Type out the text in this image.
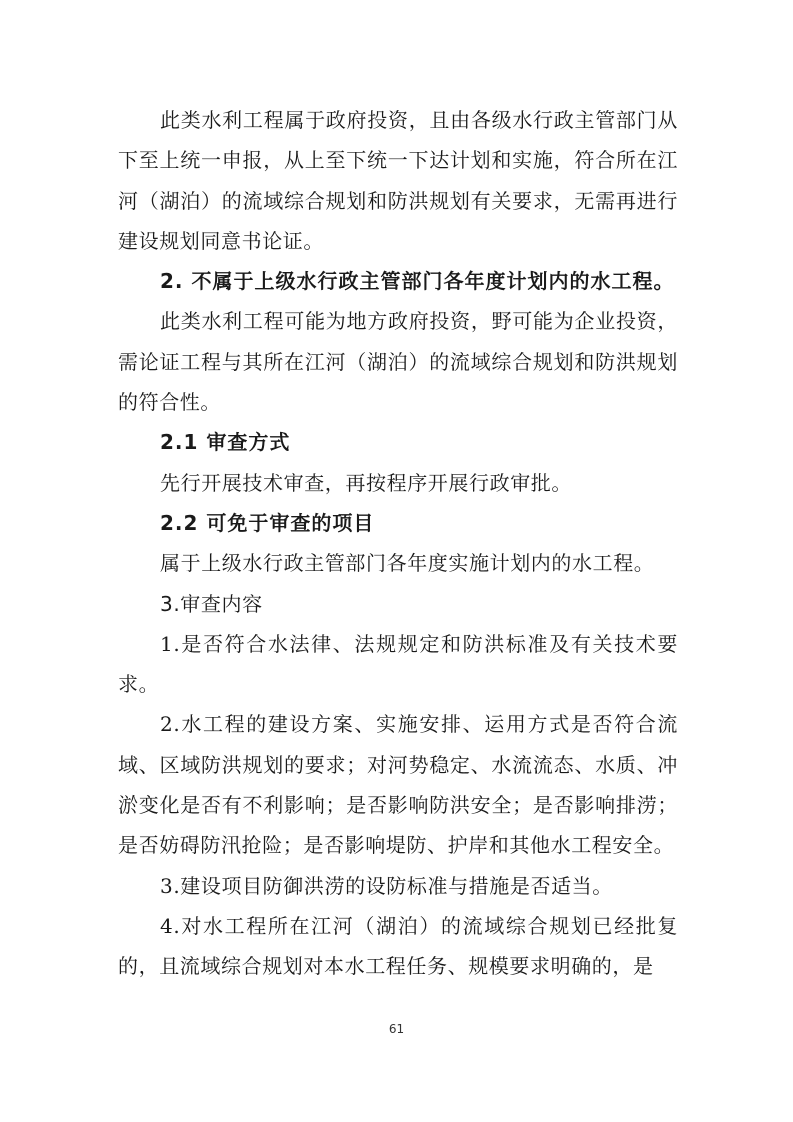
此类水利工程属于政府投资，且由各级水行政主管部门从下至上统一申报，从上至下统一下达计划和实施，符合所在江河（湖泊）的流域综合规划和防洪规划有关要求，无需再进行建设规划同意书论证。

2. 不属于上级水行政主管部门各年度计划内的水工程。

此类水利工程可能为地方政府投资，野可能为企业投资，需论证工程与其所在江河（湖泊）的流域综合规划和防洪规划的符合性。

2.1 审查方式

先行开展技术审查，再按程序开展行政审批。

2.2 可免于审查的项目

属于上级水行政主管部门各年度实施计划内的水工程。

3.审查内容

1.是否符合水法律、法规规定和防洪标准及有关技术要求。

2.水工程的建设方案、实施安排、运用方式是否符合流域、区域防洪规划的要求；对河势稳定、水流流态、水质、冲淤变化是否有不利影响；是否影响防洪安全；是否影响排涝；是否妨碍防汛抢险；是否影响堤防、护岸和其他水工程安全。

3.建设项目防御洪涝的设防标准与措施是否适当。

4.对水工程所在江河（湖泊）的流域综合规划已经批复的，且流域综合规划对本水工程任务、规模要求明确的，是

61
